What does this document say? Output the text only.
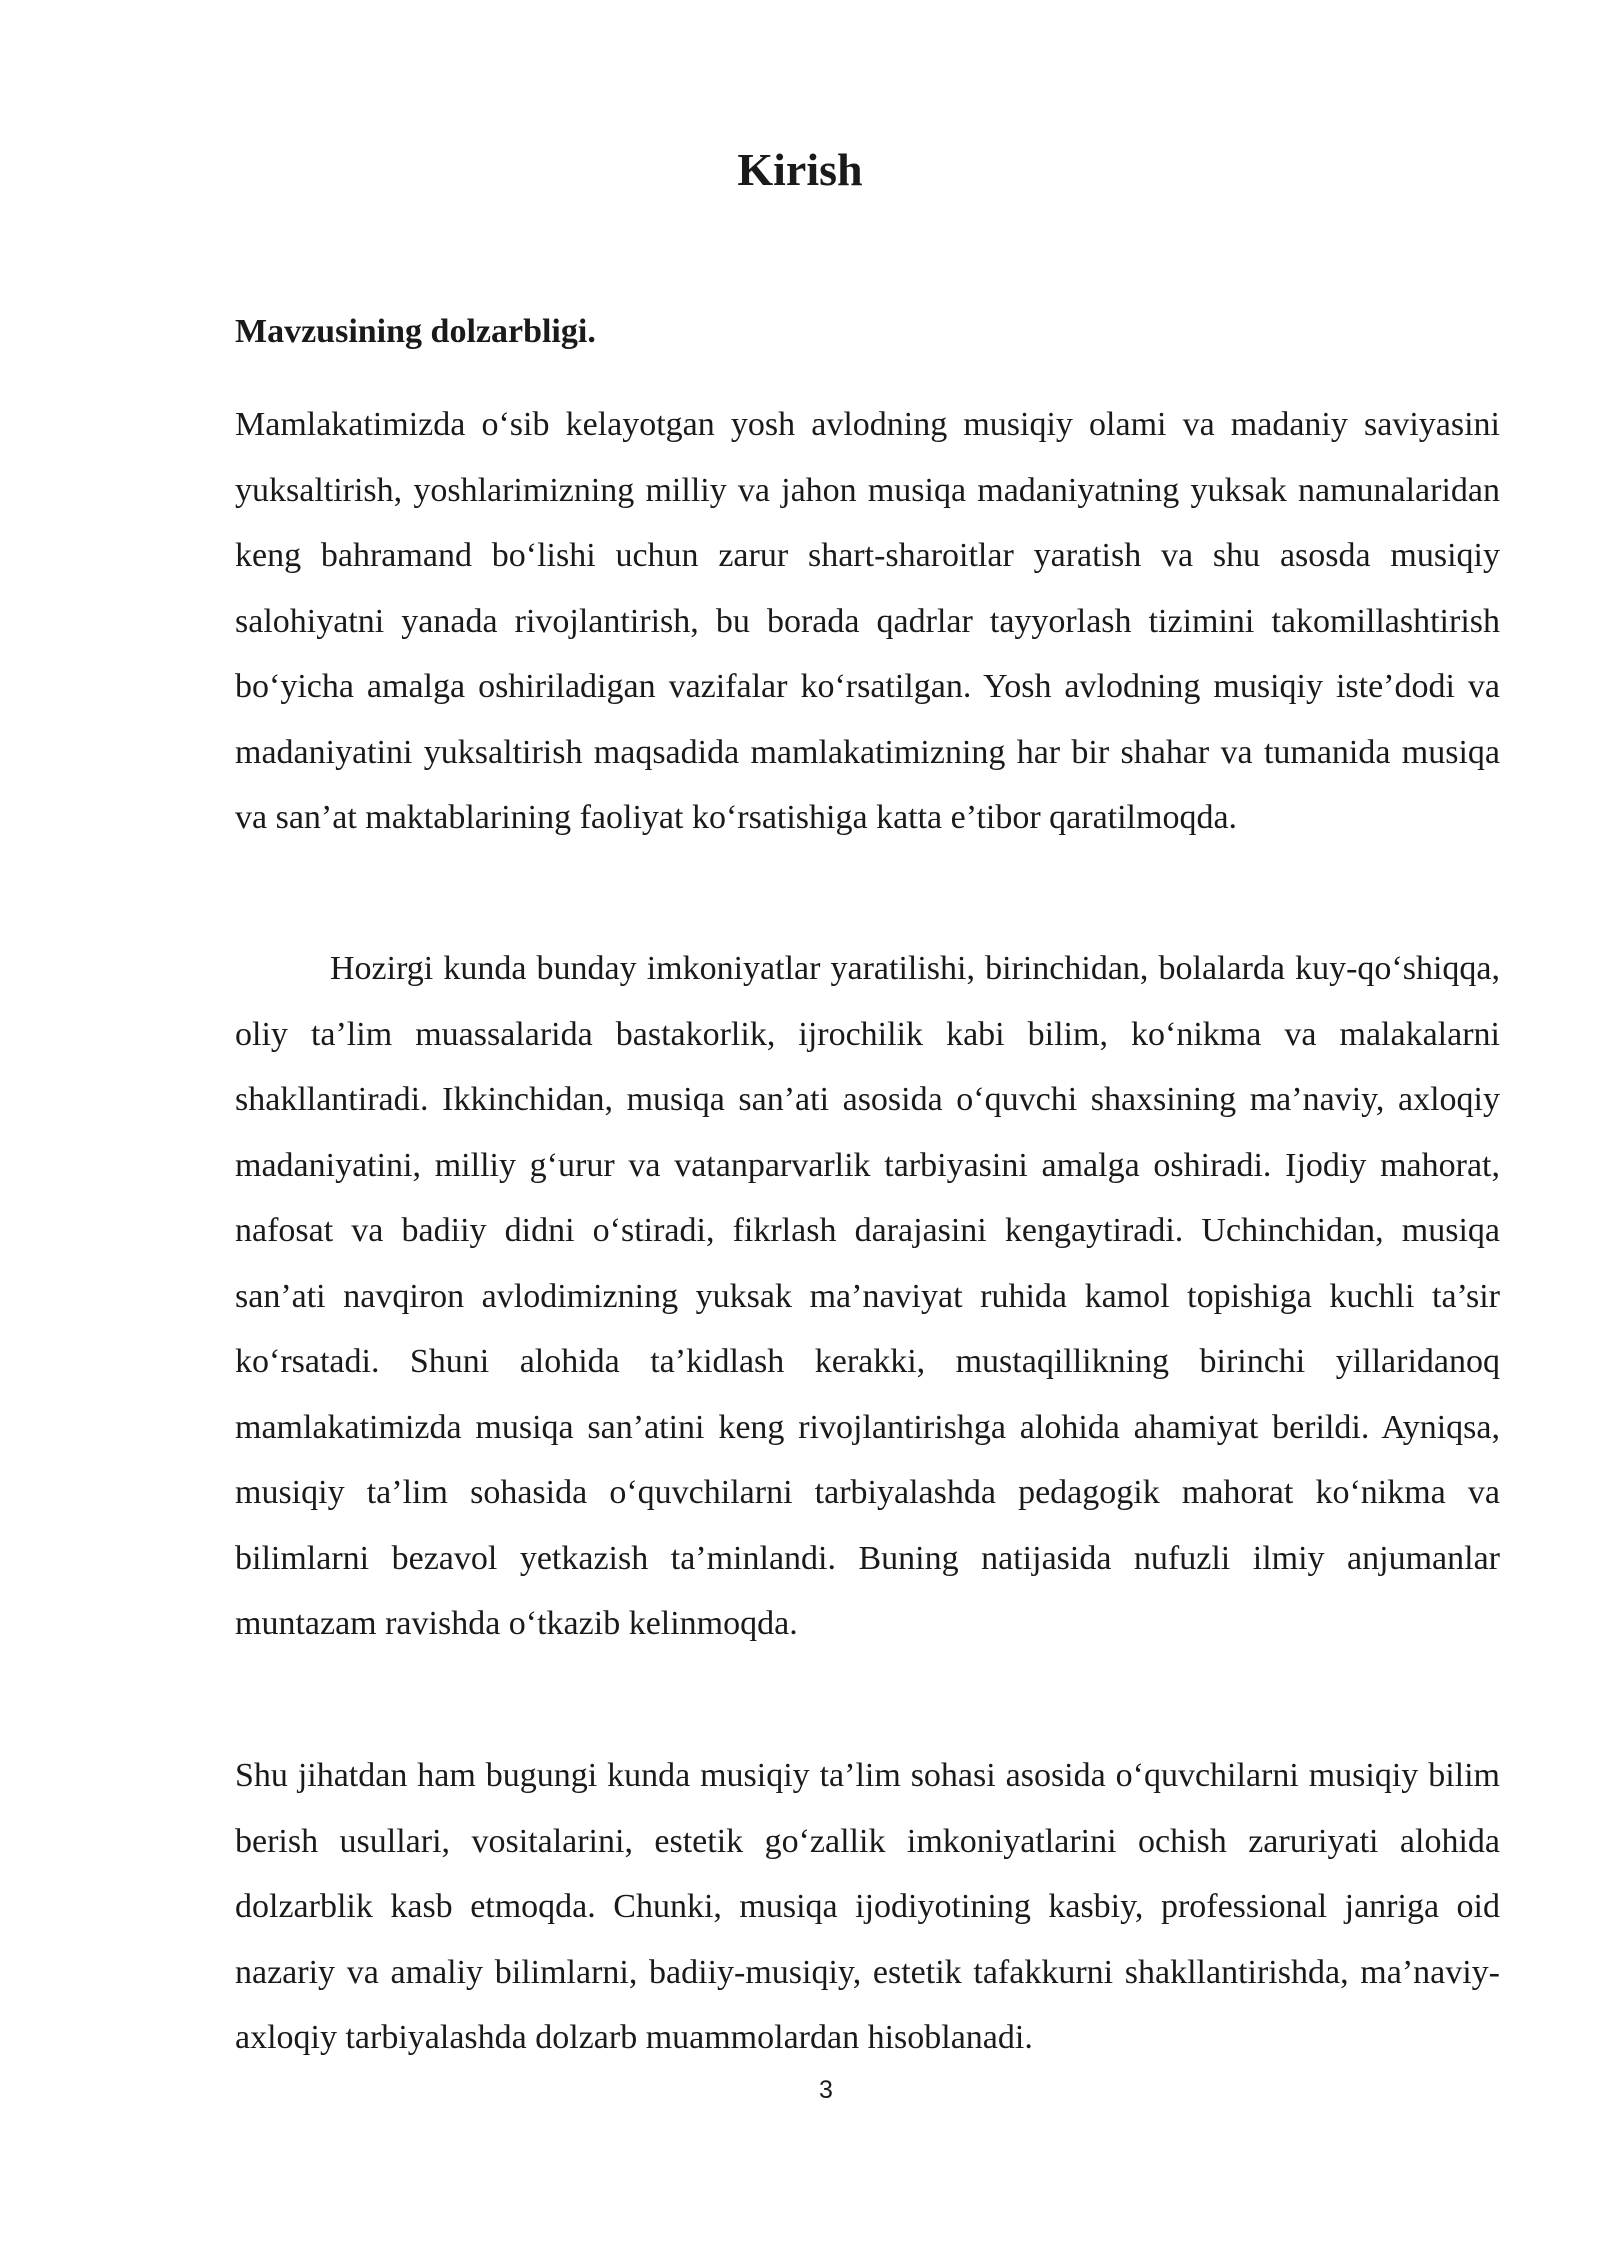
Kirish
Mavzusining dolzarbligi.

Mamlakatimizda o‘sib kelayotgan yosh avlodning musiqiy olami va madaniy saviyasini yuksaltirish, yoshlarimizning milliy va jahon musiqa madaniyatning yuksak namunalaridan keng bahramand bo‘lishi uchun zarur shart-sharoitlar yaratish va shu asosda musiqiy salohiyatni yanada rivojlantirish, bu borada qadrlar tayyorlash tizimini takomillashtirish bo‘yicha amalga oshiriladigan vazifalar ko‘rsatilgan. Yosh avlodning musiqiy iste’dodi va madaniyatini yuksaltirish maqsadida mamlakatimizning har bir shahar va tumanida musiqa va san’at maktablarining faoliyat ko‘rsatishiga katta e’tibor qaratilmoqda.

Hozirgi kunda bunday imkoniyatlar yaratilishi, birinchidan, bolalarda kuy-qo‘shiqqa, oliy ta’lim muassalarida bastakorlik, ijrochilik kabi bilim, ko‘nikma va malakalarni shakllantiradi. Ikkinchidan, musiqa san’ati asosida o‘quvchi shaxsining ma’naviy, axloqiy madaniyatini, milliy g‘urur va vatanparvarlik tarbiyasini amalga oshiradi. Ijodiy mahorat, nafosat va badiiy didni o‘stiradi, fikrlash darajasini kengaytiradi. Uchinchidan, musiqa san’ati navqiron avlodimizning yuksak ma’naviyat ruhida kamol topishiga kuchli ta’sir ko‘rsatadi. Shuni alohida ta’kidlash kerakki, mustaqillikning birinchi yillaridanoq mamlakatimizda musiqa san’atini keng rivojlantirishga alohida ahamiyat berildi. Ayniqsa, musiqiy ta’lim sohasida o‘quvchilarni tarbiyalashda pedagogik mahorat ko‘nikma va bilimlarni bezavol yetkazish ta’minlandi. Buning natijasida nufuzli ilmiy anjumanlar muntazam ravishda o‘tkazib kelinmoqda.

Shu jihatdan ham bugungi kunda musiqiy ta’lim sohasi asosida o‘quvchilarni musiqiy bilim berish usullari, vositalarini, estetik go‘zallik imkoniyatlarini ochish zaruriyati alohida dolzarblik kasb etmoqda. Chunki, musiqa ijodiyotining kasbiy, professional janriga oid nazariy va amaliy bilimlarni, badiiy-musiqiy, estetik tafakkurni shakllantirishda, ma’naviy-axloqiy tarbiyalashda dolzarb muammolardan hisoblanadi.

3
